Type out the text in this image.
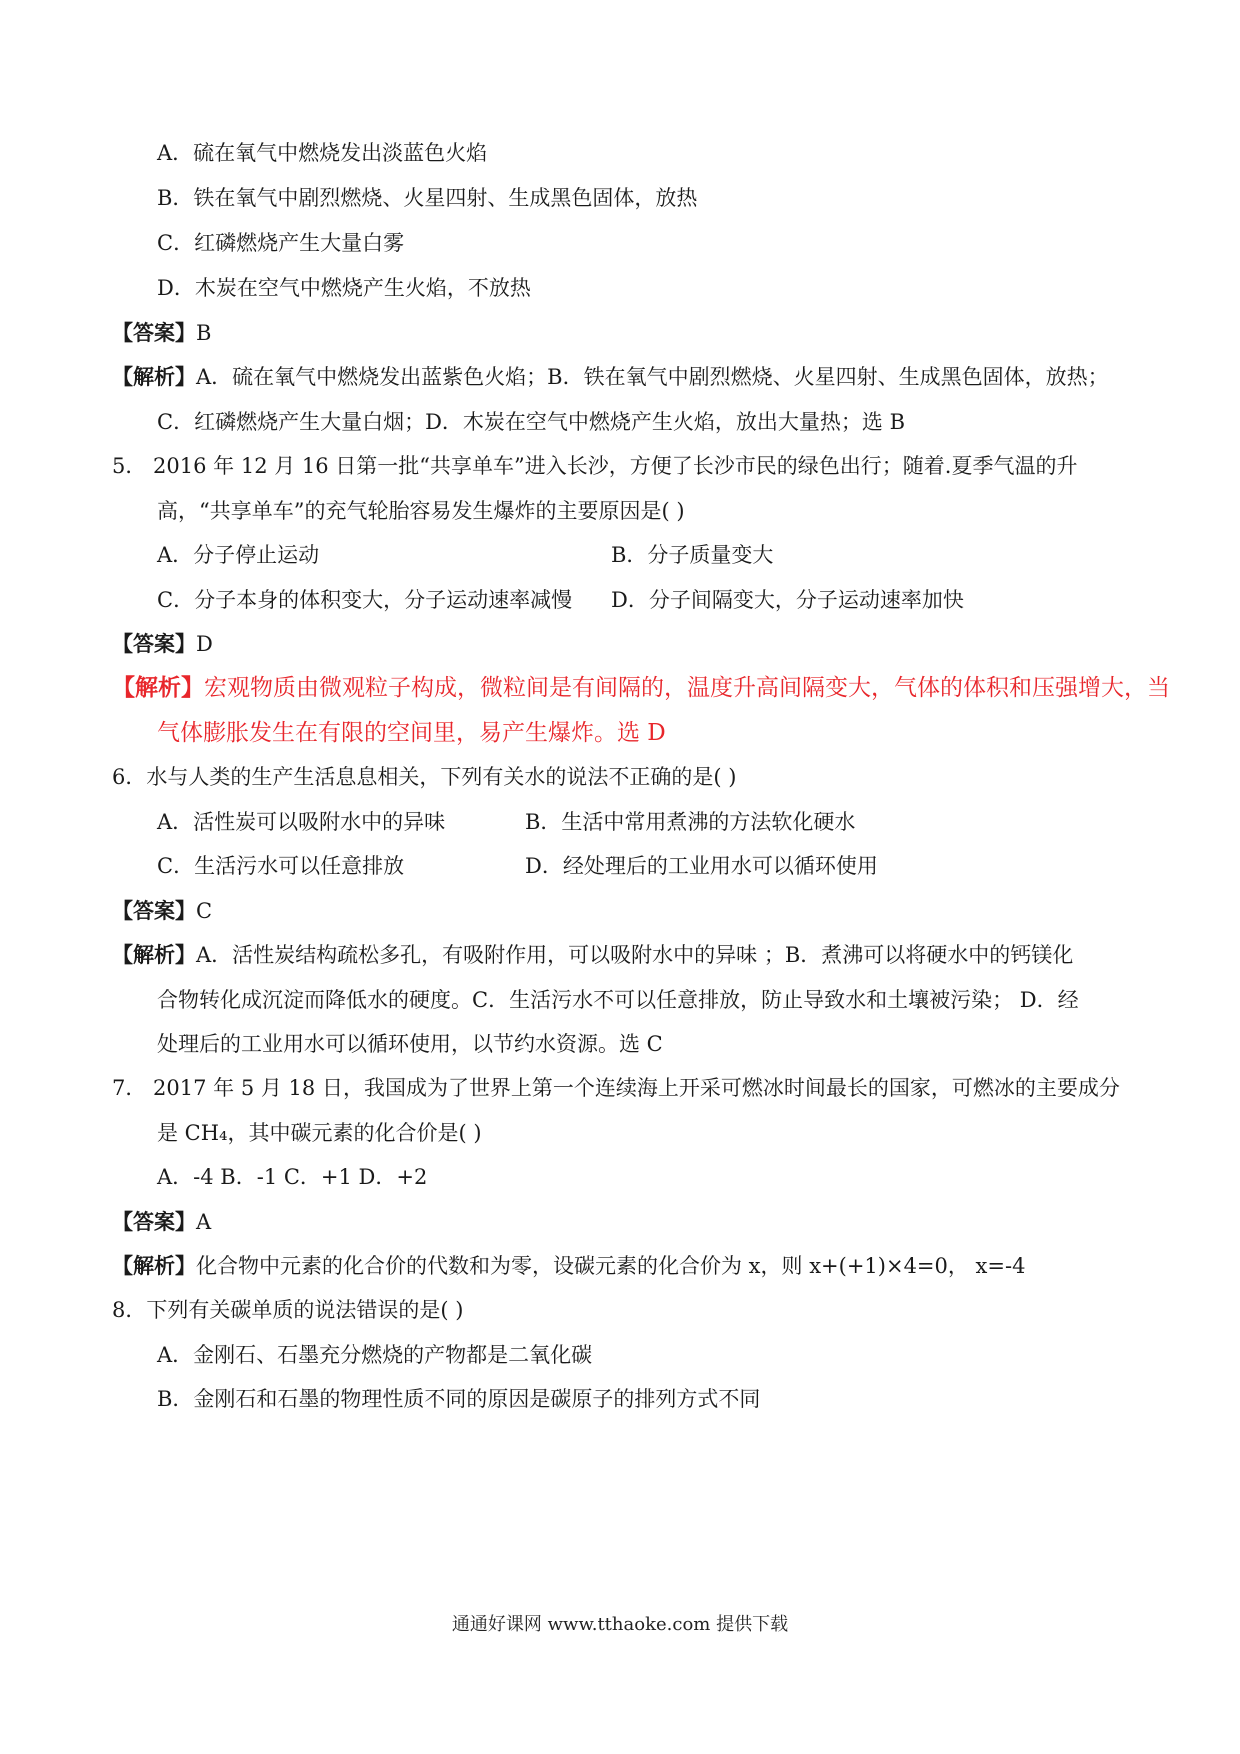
A．硫在氧气中燃烧发出淡蓝色火焰
B．铁在氧气中剧烈燃烧、火星四射、生成黑色固体，放热
C．红磷燃烧产生大量白雾
D．木炭在空气中燃烧产生火焰，不放热
【答案】B
【解析】A．硫在氧气中燃烧发出蓝紫色火焰；B．铁在氧气中剧烈燃烧、火星四射、生成黑色固体，放热；
C．红磷燃烧产生大量白烟；D．木炭在空气中燃烧产生火焰，放出大量热；选 B
5． 2016 年 12 月 16 日第一批“共享单车”进入长沙，方便了长沙市民的绿色出行；随着.夏季气温的升
高，“共享单车”的充气轮胎容易发生爆炸的主要原因是( )
A．分子停止运动	B．分子质量变大
C．分子本身的体积变大，分子运动速率减慢 D．分子间隔变大，分子运动速率加快
【答案】D
【解析】宏观物质由微观粒子构成，微粒间是有间隔的，温度升高间隔变大，气体的体积和压强增大，当
气体膨胀发生在有限的空间里，易产生爆炸。选 D
6．水与人类的生产生活息息相关，下列有关水的说法不正确的是( )
A．活性炭可以吸附水中的异味	B．生活中常用煮沸的方法软化硬水
C．生活污水可以任意排放	D．经处理后的工业用水可以循环使用
【答案】C
【解析】A．活性炭结构疏松多孔，有吸附作用，可以吸附水中的异味 ；B．煮沸可以将硬水中的钙镁化
合物转化成沉淀而降低水的硬度。C．生活污水不可以任意排放，防止导致水和土壤被污染； D．经
处理后的工业用水可以循环使用，以节约水资源。选 C
7． 2017 年 5 月 18 日，我国成为了世界上第一个连续海上开采可燃冰时间最长的国家，可燃冰的主要成分
是 CH₄，其中碳元素的化合价是( )
A．-4 B．-1 C．+1 D．+2
【答案】A
【解析】化合物中元素的化合价的代数和为零，设碳元素的化合价为 x，则 x+(+1)×4=0， x=-4
8．下列有关碳单质的说法错误的是( )
A．金刚石、石墨充分燃烧的产物都是二氧化碳
B．金刚石和石墨的物理性质不同的原因是碳原子的排列方式不同
通通好课网 www.tthaoke.com 提供下载
